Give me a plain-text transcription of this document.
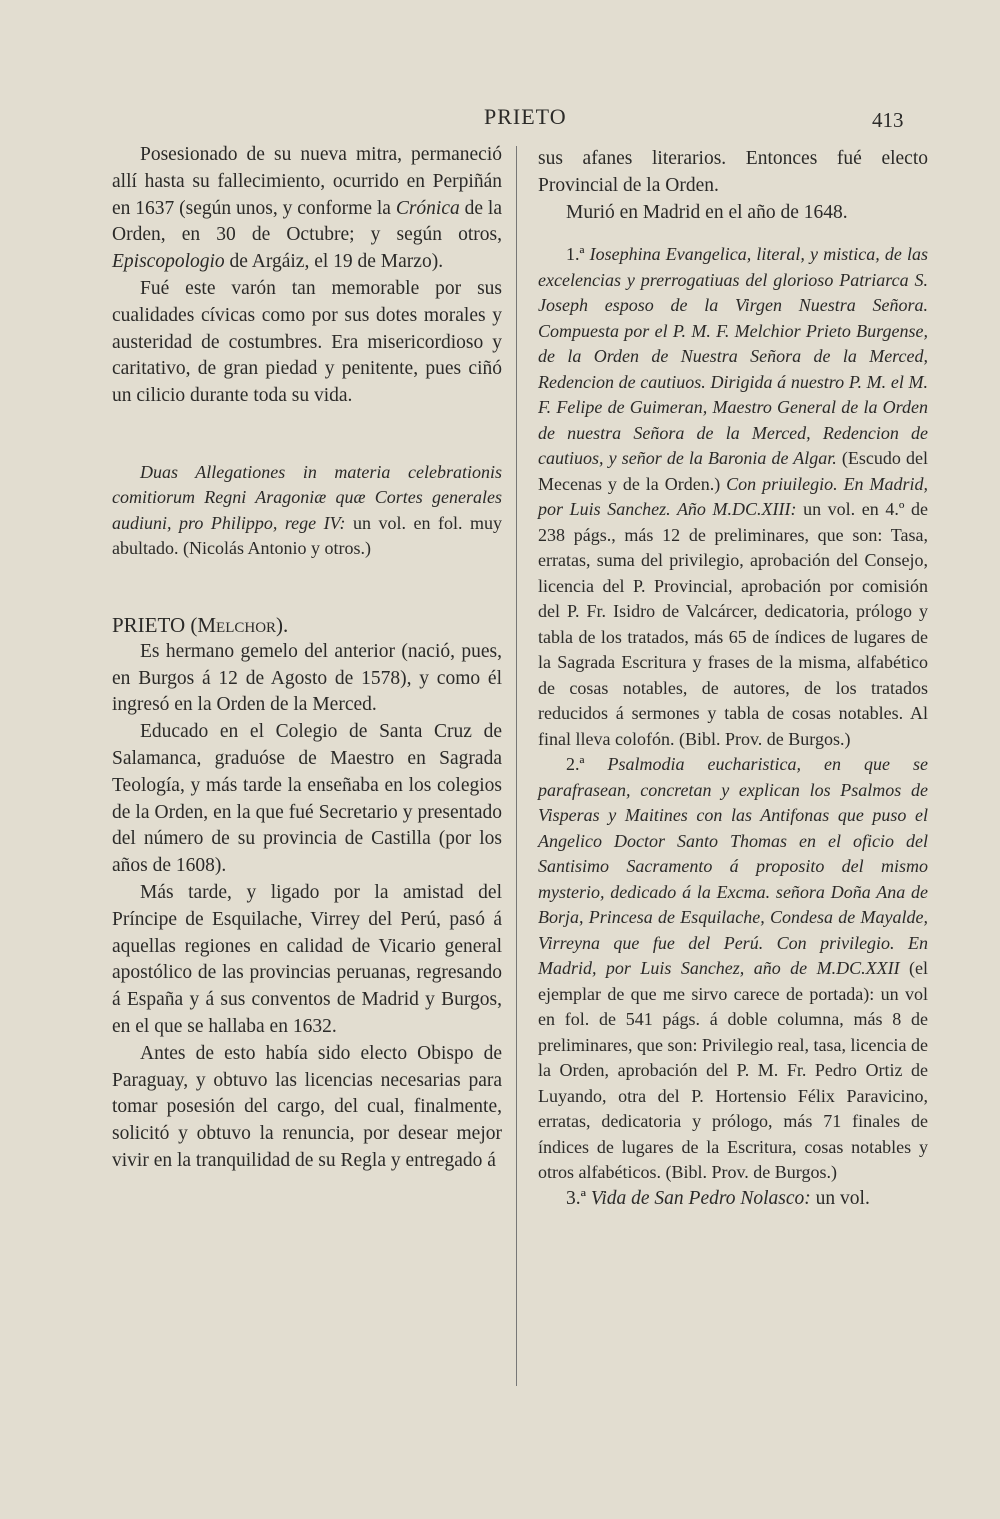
PRIETO	413

Posesionado de su nueva mitra, permaneció allí hasta su fallecimiento, ocurrido en Perpiñán en 1637 (según unos, y conforme la Crónica de la Orden, en 30 de Octubre; y según otros, Episcopologio de Argáiz, el 19 de Marzo).

Fué este varón tan memorable por sus cualidades cívicas como por sus dotes morales y austeridad de costumbres. Era misericordioso y caritativo, de gran piedad y penitente, pues ciñó un cilicio durante toda su vida.

Duas Allegationes in materia celebrationis comitiorum Regni Aragoniæ quæ Cortes generales audiuni, pro Philippo, rege IV: un vol. en fol. muy abultado. (Nicolás Antonio y otros.)

PRIETO (Melchor).

Es hermano gemelo del anterior (nació, pues, en Burgos á 12 de Agosto de 1578), y como él ingresó en la Orden de la Merced.

Educado en el Colegio de Santa Cruz de Salamanca, graduóse de Maestro en Sagrada Teología, y más tarde la enseñaba en los colegios de la Orden, en la que fué Secretario y presentado del número de su provincia de Castilla (por los años de 1608).

Más tarde, y ligado por la amistad del Príncipe de Esquilache, Virrey del Perú, pasó á aquellas regiones en calidad de Vicario general apostólico de las provincias peruanas, regresando á España y á sus conventos de Madrid y Burgos, en el que se hallaba en 1632.

Antes de esto había sido electo Obispo de Paraguay, y obtuvo las licencias necesarias para tomar posesión del cargo, del cual, finalmente, solicitó y obtuvo la renuncia, por desear mejor vivir en la tranquilidad de su Regla y entregado á

sus afanes literarios. Entonces fué electo Provincial de la Orden.

Murió en Madrid en el año de 1648.

1.ª Iosephina Evangelica, literal, y mistica, de las excelencias y prerrogatiuas del glorioso Patriarca S. Joseph esposo de la Virgen Nuestra Señora. Compuesta por el P. M. F. Melchior Prieto Burgense, de la Orden de Nuestra Señora de la Merced, Redencion de cautiuos. Dirigida á nuestro P. M. el M. F. Felipe de Guimeran, Maestro General de la Orden de nuestra Señora de la Merced, Redencion de cautiuos, y señor de la Baronia de Algar. (Escudo del Mecenas y de la Orden.) Con priuilegio. En Madrid, por Luis Sanchez. Año M.DC.XIII: un vol. en 4.º de 238 págs., más 12 de preliminares, que son: Tasa, erratas, suma del privilegio, aprobación del Consejo, licencia del P. Provincial, aprobación por comisión del P. Fr. Isidro de Valcárcer, dedicatoria, prólogo y tabla de los tratados, más 65 de índices de lugares de la Sagrada Escritura y frases de la misma, alfabético de cosas notables, de autores, de los tratados reducidos á sermones y tabla de cosas notables. Al final lleva colofón. (Bibl. Prov. de Burgos.)

2.ª Psalmodia eucharistica, en que se parafrasean, concretan y explican los Psalmos de Visperas y Maitines con las Antifonas que puso el Angelico Doctor Santo Thomas en el oficio del Santisimo Sacramento á proposito del mismo mysterio, dedicado á la Excma. señora Doña Ana de Borja, Princesa de Esquilache, Condesa de Mayalde, Virreyna que fue del Perú. Con privilegio. En Madrid, por Luis Sanchez, año de M.DC.XXII (el ejemplar de que me sirvo carece de portada): un vol en fol. de 541 págs. á doble columna, más 8 de preliminares, que son: Privilegio real, tasa, licencia de la Orden, aprobación del P. M. Fr. Pedro Ortiz de Luyando, otra del P. Hortensio Félix Paravicino, erratas, dedicatoria y prólogo, más 71 finales de índices de lugares de la Escritura, cosas notables y otros alfabéticos. (Bibl. Prov. de Burgos.)

3.ª Vida de San Pedro Nolasco: un vol.
